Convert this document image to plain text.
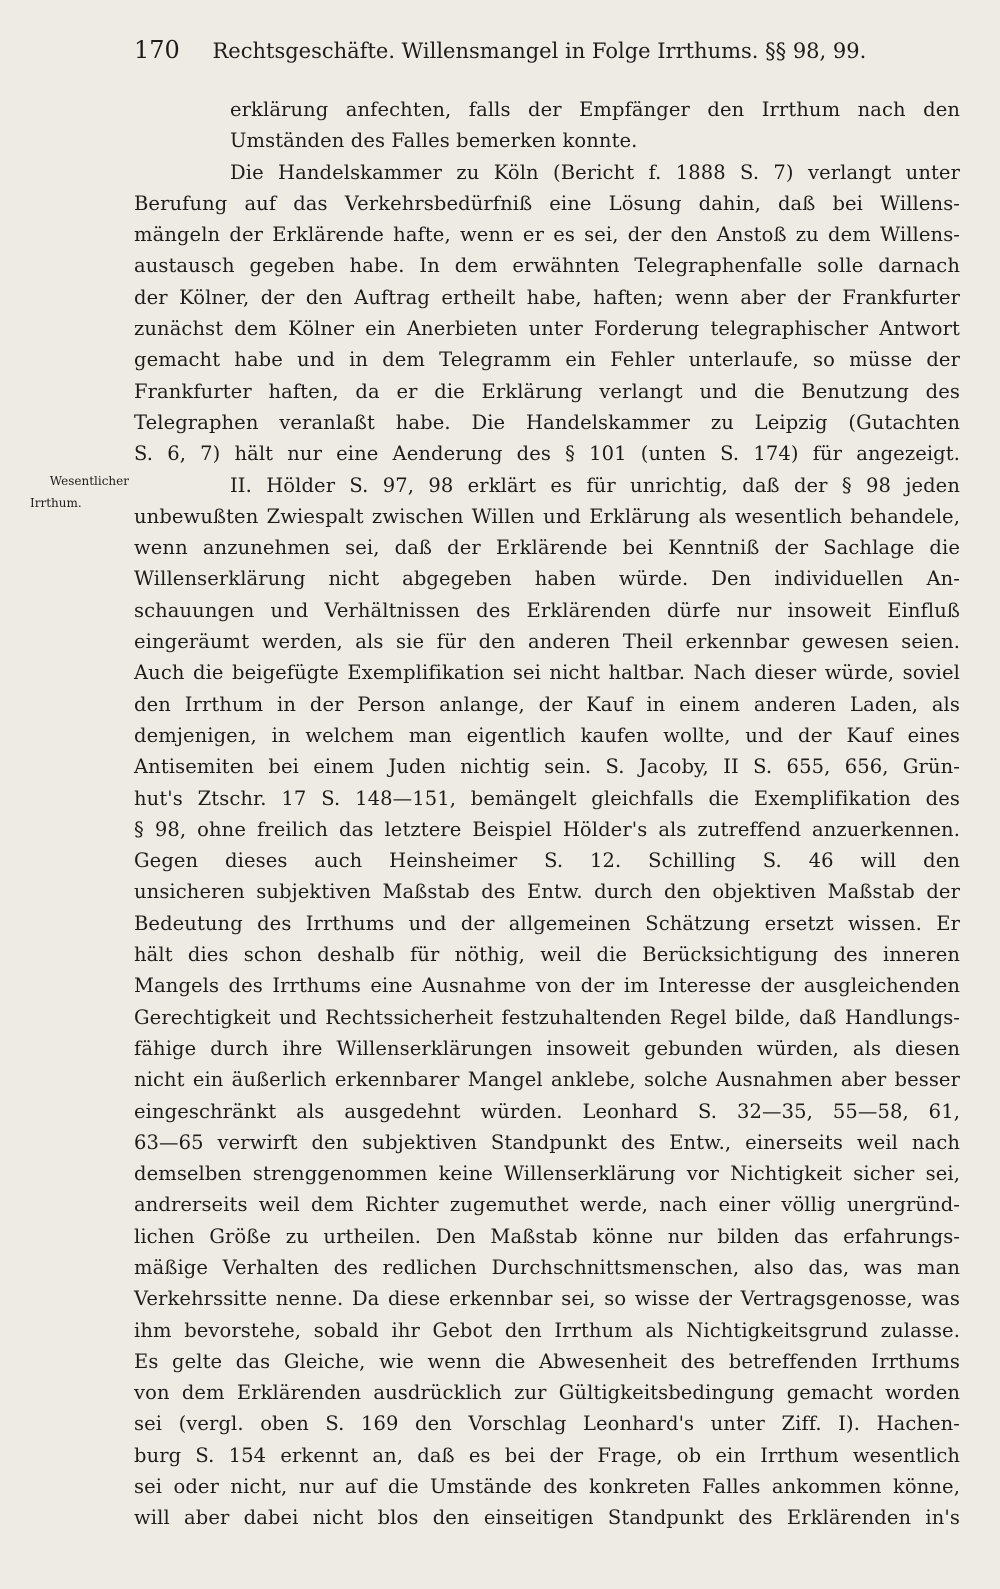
170 Rechtsgeschäfte. Willensmangel in Folge Irrthums. §§ 98, 99.
Wesentlicher
Irrthum.
erklärung anfechten, falls der Empfänger den Irrthum nach den
Umständen des Falles bemerken konnte.
Die Handelskammer zu Köln (Bericht f. 1888 S. 7) verlangt unter
Berufung auf das Verkehrsbedürfniß eine Lösung dahin, daß bei Willens-
mängeln der Erklärende hafte, wenn er es sei, der den Anstoß zu dem Willens-
austausch gegeben habe. In dem erwähnten Telegraphenfalle solle darnach
der Kölner, der den Auftrag ertheilt habe, haften; wenn aber der Frankfurter
zunächst dem Kölner ein Anerbieten unter Forderung telegraphischer Antwort
gemacht habe und in dem Telegramm ein Fehler unterlaufe, so müsse der
Frankfurter haften, da er die Erklärung verlangt und die Benutzung des
Telegraphen veranlaßt habe. Die Handelskammer zu Leipzig (Gutachten
S. 6, 7) hält nur eine Aenderung des § 101 (unten S. 174) für angezeigt.
II. Hölder S. 97, 98 erklärt es für unrichtig, daß der § 98 jeden
unbewußten Zwiespalt zwischen Willen und Erklärung als wesentlich behandele,
wenn anzunehmen sei, daß der Erklärende bei Kenntniß der Sachlage die
Willenserklärung nicht abgegeben haben würde. Den individuellen An-
schauungen und Verhältnissen des Erklärenden dürfe nur insoweit Einfluß
eingeräumt werden, als sie für den anderen Theil erkennbar gewesen seien.
Auch die beigefügte Exemplifikation sei nicht haltbar. Nach dieser würde, soviel
den Irrthum in der Person anlange, der Kauf in einem anderen Laden, als
demjenigen, in welchem man eigentlich kaufen wollte, und der Kauf eines
Antisemiten bei einem Juden nichtig sein. S. Jacoby, II S. 655, 656, Grün-
hut's Ztschr. 17 S. 148—151, bemängelt gleichfalls die Exemplifikation des
§ 98, ohne freilich das letztere Beispiel Hölder's als zutreffend anzuerkennen.
Gegen dieses auch Heinsheimer S. 12. Schilling S. 46 will den
unsicheren subjektiven Maßstab des Entw. durch den objektiven Maßstab der
Bedeutung des Irrthums und der allgemeinen Schätzung ersetzt wissen. Er
hält dies schon deshalb für nöthig, weil die Berücksichtigung des inneren
Mangels des Irrthums eine Ausnahme von der im Interesse der ausgleichenden
Gerechtigkeit und Rechtssicherheit festzuhaltenden Regel bilde, daß Handlungs-
fähige durch ihre Willenserklärungen insoweit gebunden würden, als diesen
nicht ein äußerlich erkennbarer Mangel anklebe, solche Ausnahmen aber besser
eingeschränkt als ausgedehnt würden. Leonhard S. 32—35, 55—58, 61,
63—65 verwirft den subjektiven Standpunkt des Entw., einerseits weil nach
demselben strenggenommen keine Willenserklärung vor Nichtigkeit sicher sei,
andrerseits weil dem Richter zugemuthet werde, nach einer völlig unergründ-
lichen Größe zu urtheilen. Den Maßstab könne nur bilden das erfahrungs-
mäßige Verhalten des redlichen Durchschnittsmenschen, also das, was man
Verkehrssitte nenne. Da diese erkennbar sei, so wisse der Vertragsgenosse, was
ihm bevorstehe, sobald ihr Gebot den Irrthum als Nichtigkeitsgrund zulasse.
Es gelte das Gleiche, wie wenn die Abwesenheit des betreffenden Irrthums
von dem Erklärenden ausdrücklich zur Gültigkeitsbedingung gemacht worden
sei (vergl. oben S. 169 den Vorschlag Leonhard's unter Ziff. I). Hachen-
burg S. 154 erkennt an, daß es bei der Frage, ob ein Irrthum wesentlich
sei oder nicht, nur auf die Umstände des konkreten Falles ankommen könne,
will aber dabei nicht blos den einseitigen Standpunkt des Erklärenden in's
